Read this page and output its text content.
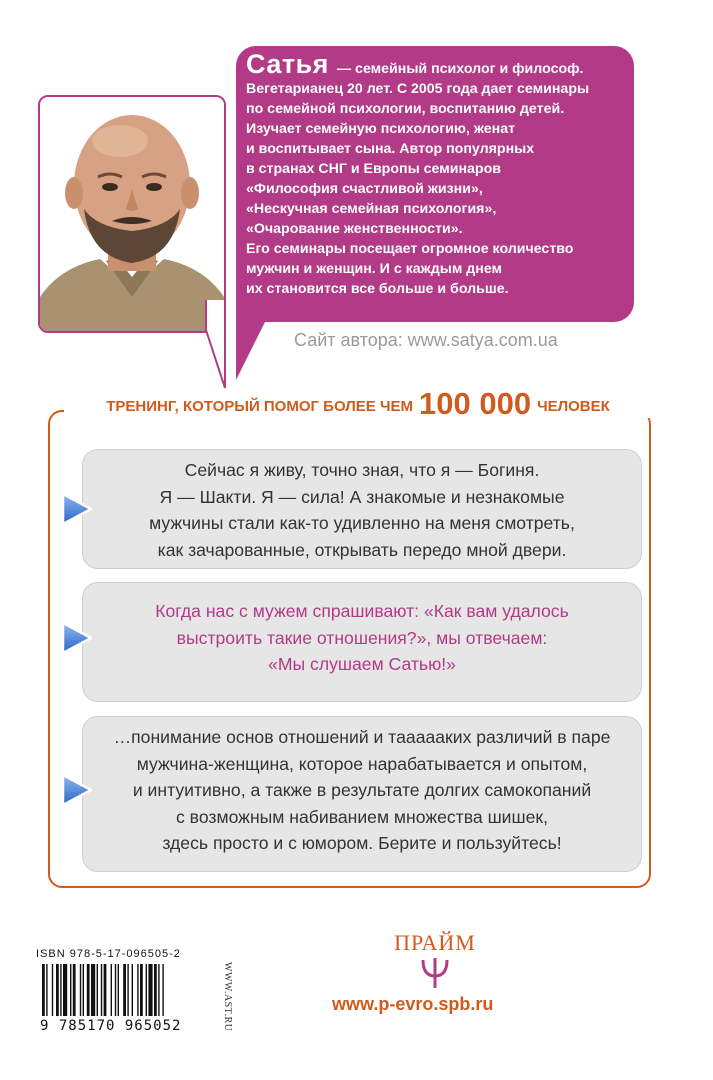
Сатья — семейный психолог и философ.
Вегетарианец 20 лет. С 2005 года дает семинары
по семейной психологии, воспитанию детей.
Изучает семейную психологию, женат
и воспитывает сына. Автор популярных
в странах СНГ и Европы семинаров
«Философия счастливой жизни»,
«Нескучная семейная психология»,
«Очарование женственности».
Его семинары посещает огромное количество
мужчин и женщин. И с каждым днем
их становится все больше и больше.
Сайт автора: www.satya.com.ua
ТРЕНИНГ, КОТОРЫЙ ПОМОГ БОЛЕЕ ЧЕМ 100 000 ЧЕЛОВЕК
Сейчас я живу, точно зная, что я — Богиня.
Я — Шакти. Я — сила! А знакомые и незнакомые
мужчины стали как-то удивленно на меня смотреть,
как зачарованные, открывать передо мной двери.
Когда нас с мужем спрашивают: «Как вам удалось
выстроить такие отношения?», мы отвечаем:
«Мы слушаем Сатью!»
…понимание основ отношений и таааааких различий в паре
мужчина-женщина, которое нарабатывается и опытом,
и интуитивно, а также в результате долгих самокопаний
с возможным набиванием множества шишек,
здесь просто и с юмором. Берите и пользуйтесь!
ISBN 978-5-17-096505-2
9 785170 965052	WWW.AST.RU
ПРАЙМ
www.p-evro.spb.ru
